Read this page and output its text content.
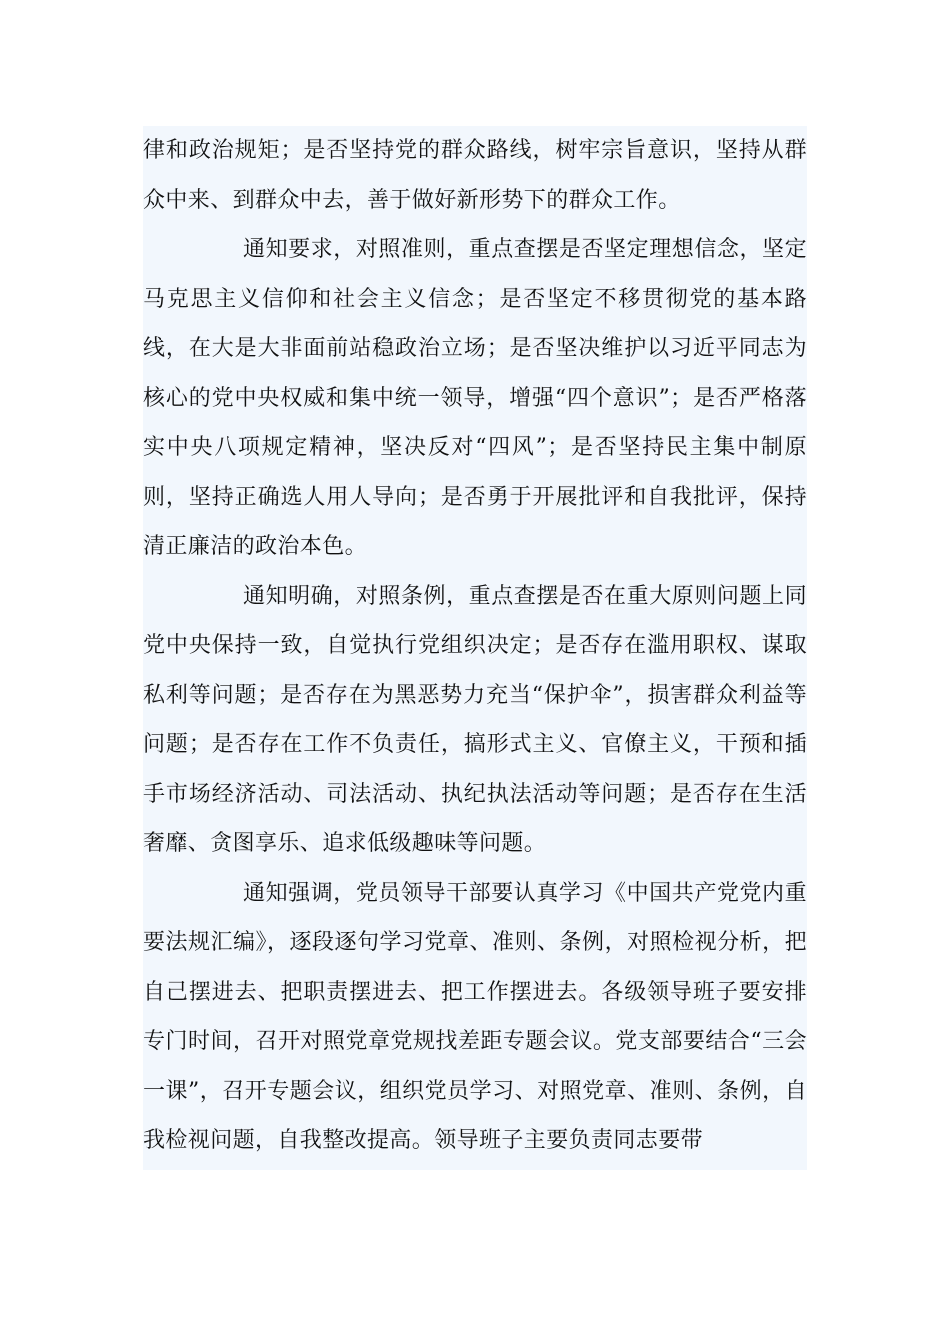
律和政治规矩；是否坚持党的群众路线，树牢宗旨意识，坚持从群众中来、到群众中去，善于做好新形势下的群众工作。

通知要求，对照准则，重点查摆是否坚定理想信念，坚定马克思主义信仰和社会主义信念；是否坚定不移贯彻党的基本路线，在大是大非面前站稳政治立场；是否坚决维护以习近平同志为核心的党中央权威和集中统一领导，增强“四个意识”；是否严格落实中央八项规定精神，坚决反对“四风”；是否坚持民主集中制原则，坚持正确选人用人导向；是否勇于开展批评和自我批评，保持清正廉洁的政治本色。

通知明确，对照条例，重点查摆是否在重大原则问题上同党中央保持一致，自觉执行党组织决定；是否存在滥用职权、谋取私利等问题；是否存在为黑恶势力充当“保护伞”，损害群众利益等问题；是否存在工作不负责任，搞形式主义、官僚主义，干预和插手市场经济活动、司法活动、执纪执法活动等问题；是否存在生活奢靡、贪图享乐、追求低级趣味等问题。

通知强调，党员领导干部要认真学习《中国共产党党内重要法规汇编》，逐段逐句学习党章、准则、条例，对照检视分析，把自己摆进去、把职责摆进去、把工作摆进去。各级领导班子要安排专门时间，召开对照党章党规找差距专题会议。党支部要结合“三会一课”，召开专题会议，组织党员学习、对照党章、准则、条例，自我检视问题，自我整改提高。领导班子主要负责同志要带
